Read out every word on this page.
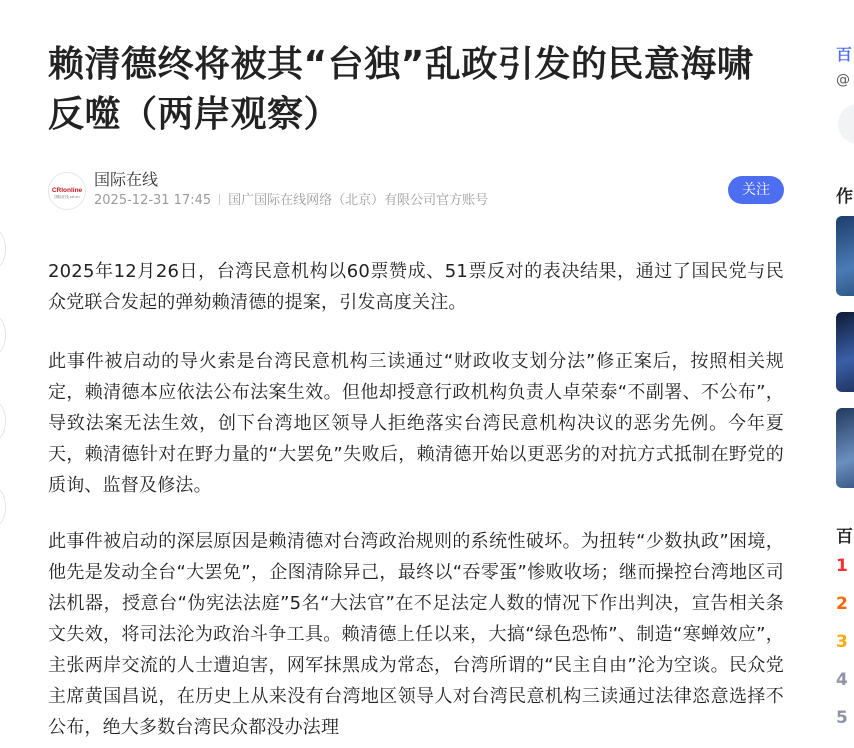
赖清德终将被其“台独”乱政引发的民意海啸反噬（两岸观察）
CRIonline
国际在线 cri.cn
国际在线
2025-12-31 17:45 国广国际在线网络（北京）有限公司官方账号
关注

2025年12月26日，台湾民意机构以60票赞成、51票反对的表决结果，通过了国民党与民众党联合发起的弹劾赖清德的提案，引发高度关注。

此事件被启动的导火索是台湾民意机构三读通过“财政收支划分法”修正案后，按照相关规定，赖清德本应依法公布法案生效。但他却授意行政机构负责人卓荣泰“不副署、不公布”，导致法案无法生效，创下台湾地区领导人拒绝落实台湾民意机构决议的恶劣先例。今年夏天，赖清德针对在野力量的“大罢免”失败后，赖清德开始以更恶劣的对抗方式抵制在野党的质询、监督及修法。

此事件被启动的深层原因是赖清德对台湾政治规则的系统性破坏。为扭转“少数执政”困境，他先是发动全台“大罢免”，企图清除异己，最终以“吞零蛋”惨败收场；继而操控台湾地区司法机器，授意台“伪宪法法庭”5名“大法官”在不足法定人数的情况下作出判决，宣告相关条文失效，将司法沦为政治斗争工具。赖清德上任以来，大搞“绿色恐怖”、制造“寒蝉效应”，主张两岸交流的人士遭迫害，网军抹黑成为常态，台湾所谓的“民主自由”沦为空谈。民众党主席黄国昌说，在历史上从来没有台湾地区领导人对台湾民意机构三读通过法律恣意选择不公布，绝大多数台湾民众都没办法理

百
@
作
百
1
2
3
4
5
